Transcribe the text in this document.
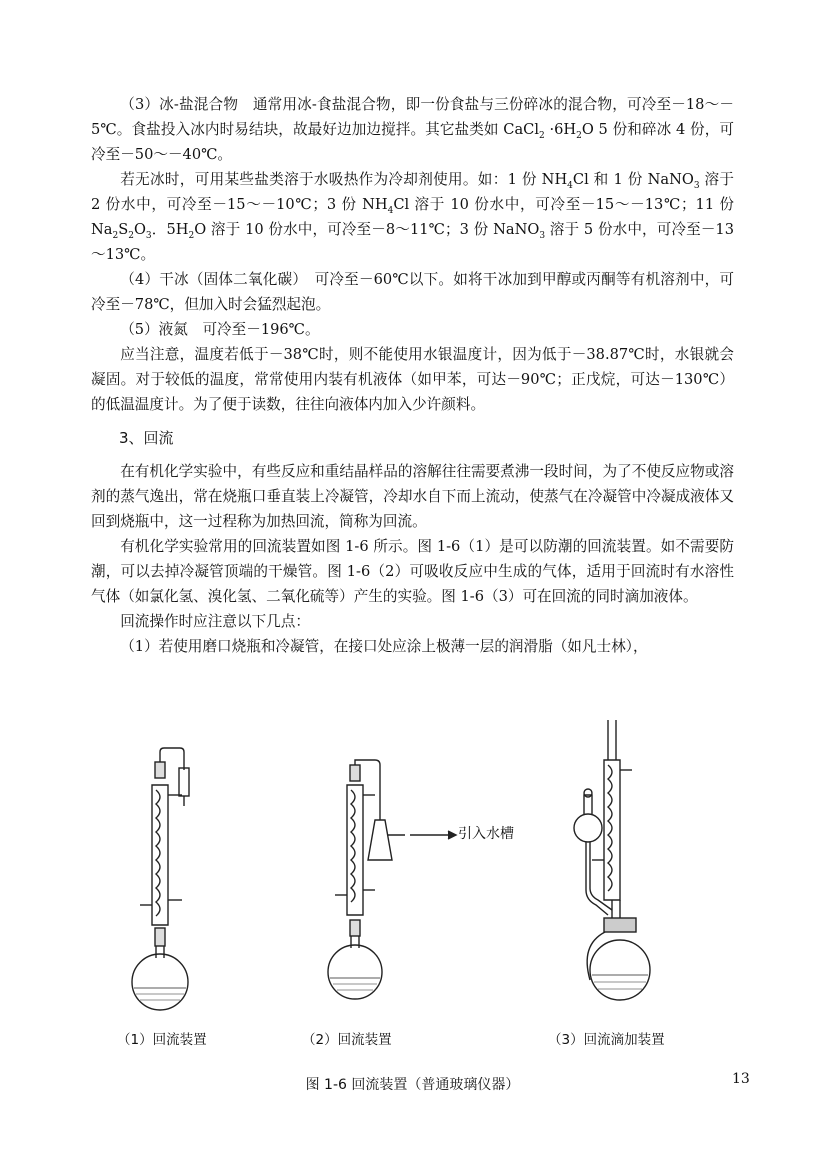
（3）冰-盐混合物　通常用冰-食盐混合物，即一份食盐与三份碎冰的混合物，可冷至－18～－5℃。食盐投入冰内时易结块，故最好边加边搅拌。其它盐类如 CaCl$_2$ $\cdot 6H_2O$ 5 份和碎冰 4 份，可冷至－50～－40℃。

若无冰时，可用某些盐类溶于水吸热作为冷却剂使用。如：1 份 $NH_4Cl$ 和 1 份 NaNO$_3$ 溶于 2 份水中，可冷至－15～－10℃；3 份 $NH_4Cl$ 溶于 10 份水中，可冷至－15～－13℃；11 份 $Na_2S_2O_3$．$5H_2O$ 溶于 10 份水中，可冷至－8～11℃；3 份 NaNO$_3$ 溶于 5 份水中，可冷至－13～13℃。

（4）干冰（固体二氧化碳）　可冷至－60℃以下。如将干冰加到甲醇或丙酮等有机溶剂中，可冷至－78℃，但加入时会猛烈起泡。

（5）液氮　可冷至－196℃。

应当注意，温度若低于－38℃时，则不能使用水银温度计，因为低于－38.87℃时，水银就会凝固。对于较低的温度，常常使用内装有机液体（如甲苯，可达－90℃；正戊烷，可达－130℃）的低温温度计。为了便于读数，往往向液体内加入少许颜料。

3、回流

在有机化学实验中，有些反应和重结晶样品的溶解往往需要煮沸一段时间，为了不使反应物或溶剂的蒸气逸出，常在烧瓶口垂直装上冷凝管，冷却水自下而上流动，使蒸气在冷凝管中冷凝成液体又回到烧瓶中，这一过程称为加热回流，简称为回流。

有机化学实验常用的回流装置如图 1-6 所示。图 1-6（1）是可以防潮的回流装置。如不需要防潮，可以去掉冷凝管顶端的干燥管。图 1-6（2）可吸收反应中生成的气体，适用于回流时有水溶性气体（如氯化氢、溴化氢、二氧化硫等）产生的实验。图 1-6（3）可在回流的同时滴加液体。

回流操作时应注意以下几点：

（1）若使用磨口烧瓶和冷凝管，在接口处应涂上极薄一层的润滑脂（如凡士林），

引入水槽
（1）回流装置	（2）回流装置	（3）回流滴加装置
图 1-6 回流装置（普通玻璃仪器）	13
